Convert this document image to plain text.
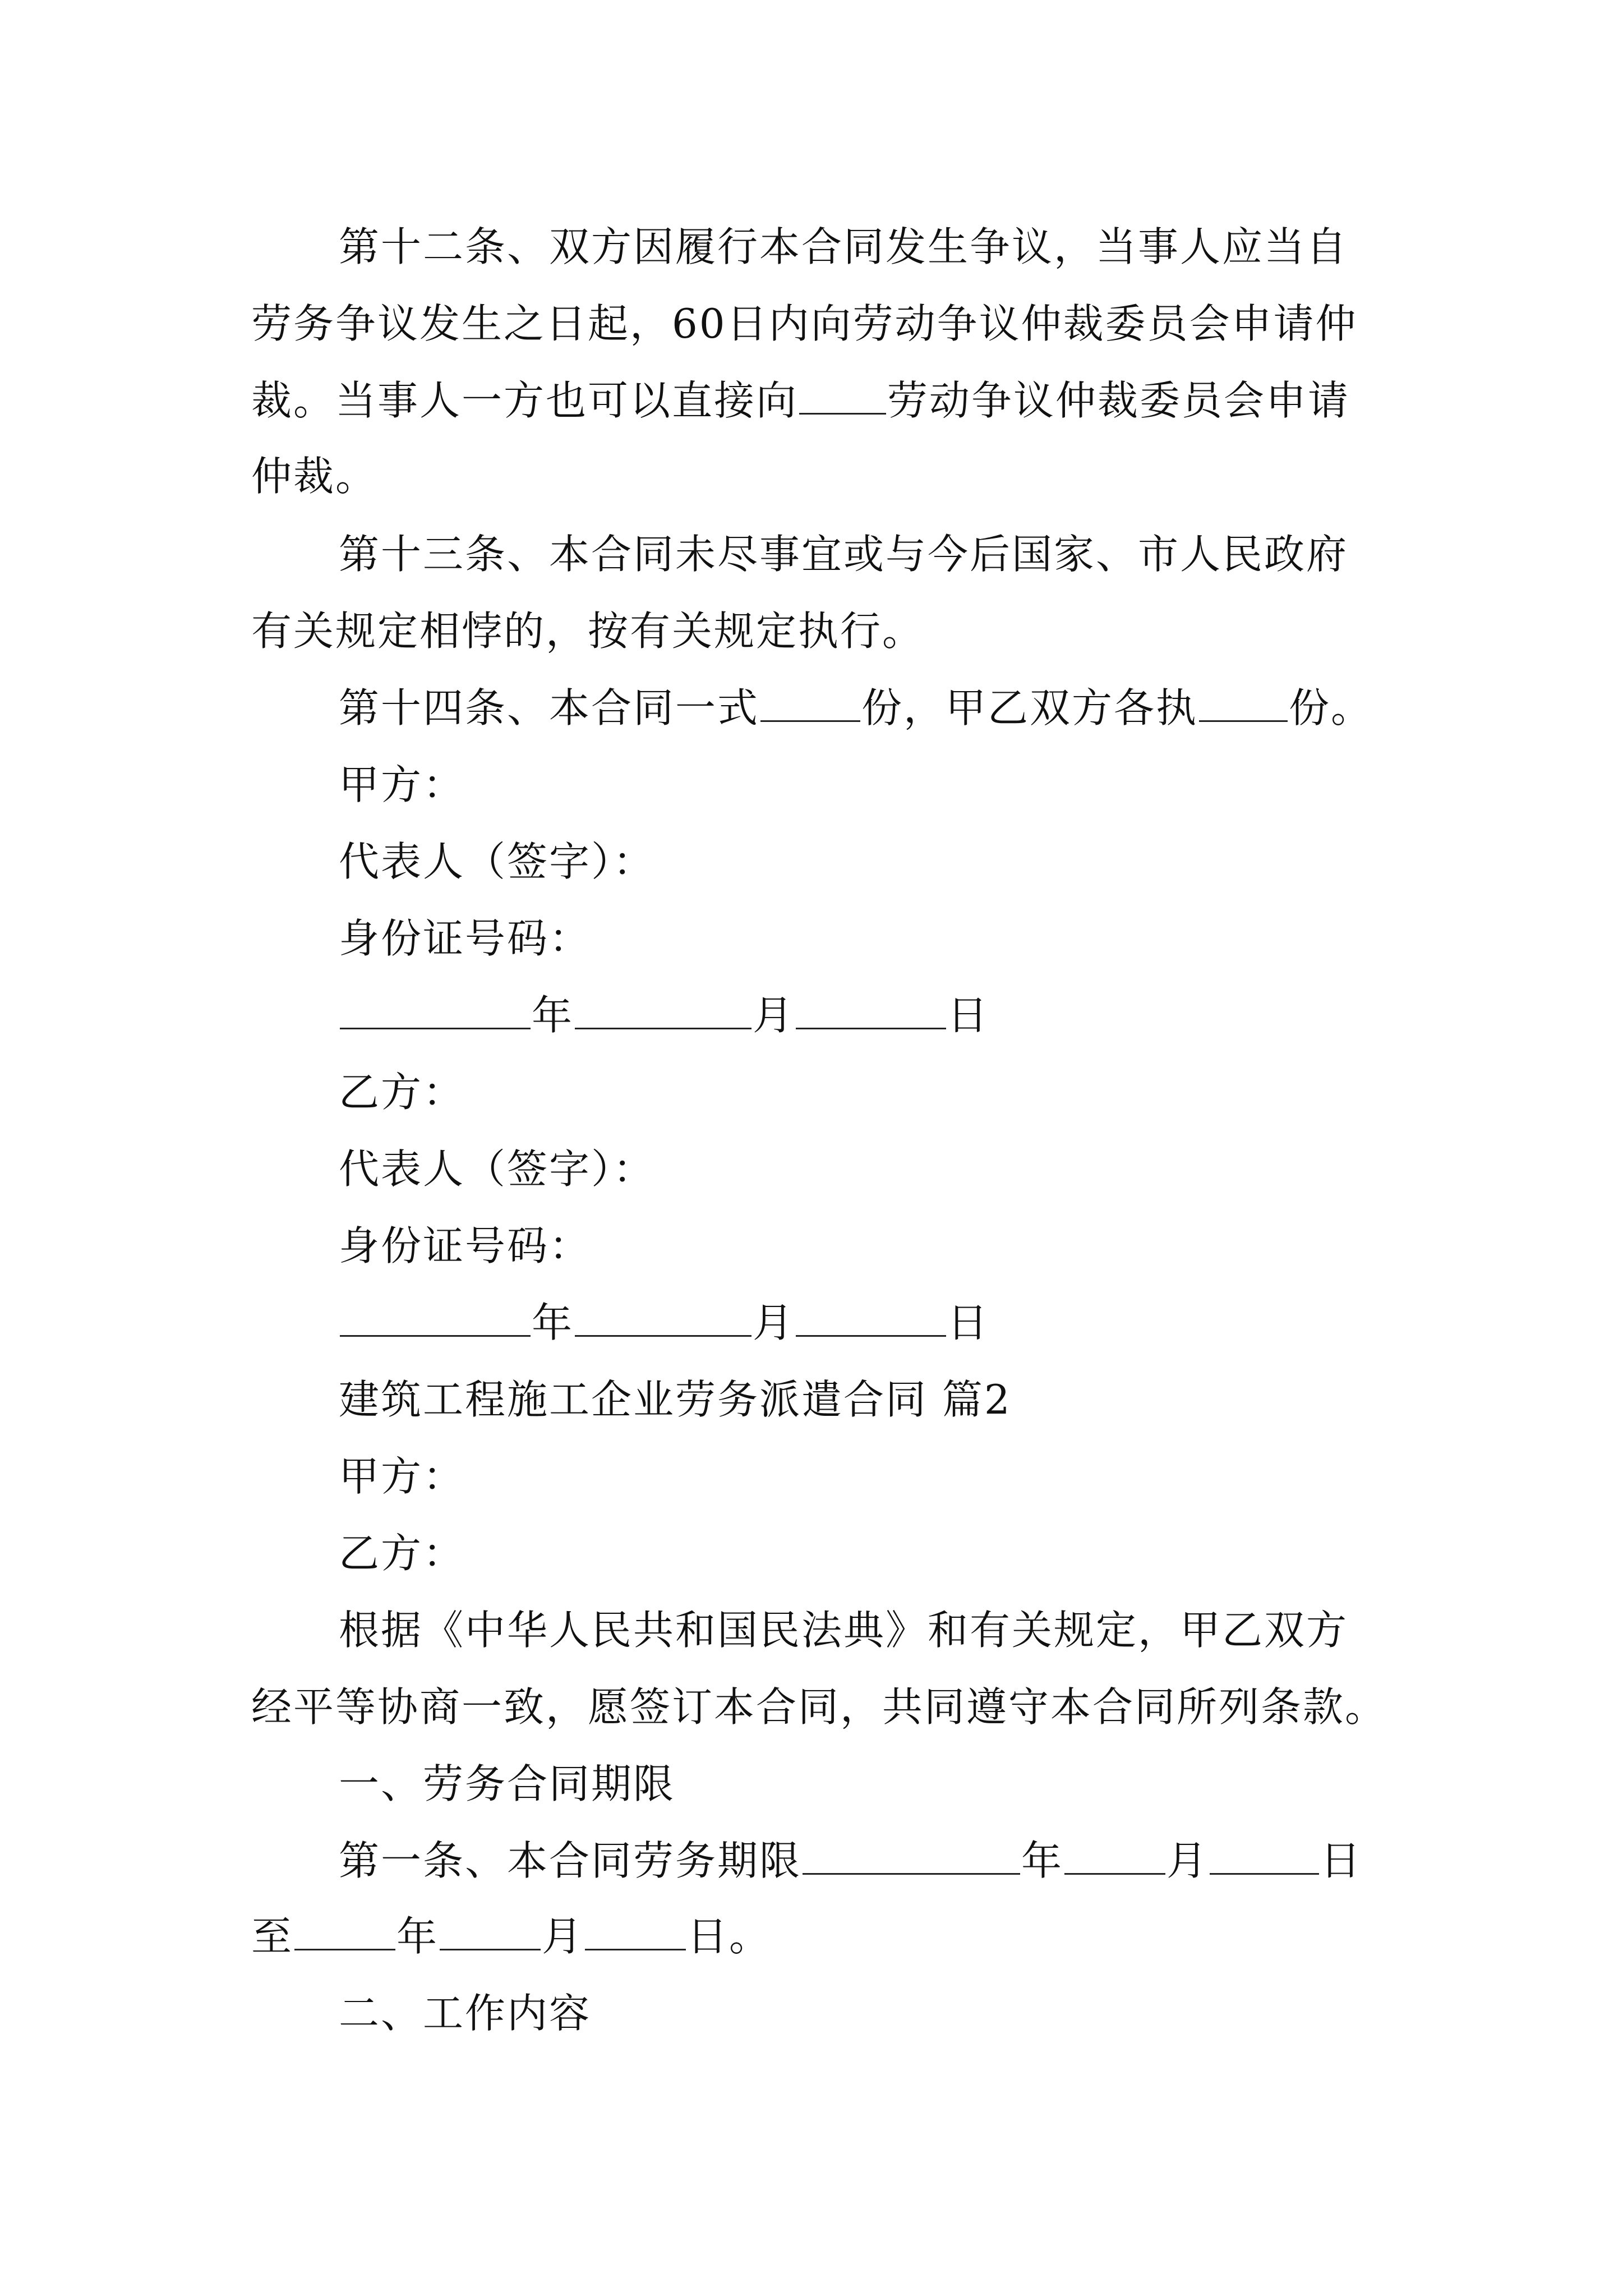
第十二条、双方因履行本合同发生争议，当事人应当自
劳务争议发生之日起，60日内向劳动争议仲裁委员会申请仲
裁。当事人一方也可以直接向 劳动争议仲裁委员会申请
仲裁。
第十三条、本合同未尽事宜或与今后国家、市人民政府
有关规定相悖的，按有关规定执行。
第十四条、本合同一式	份，甲乙双方各执 份。
甲方：
代表人（签字）：
身份证号码：
年	月	日
乙方：
代表人（签字）：
身份证号码：
年	月	日
建筑工程施工企业劳务派遣合同 篇2
甲方：
乙方：
根据《中华人民共和国民法典》和有关规定，甲乙双方
经平等协商一致，愿签订本合同，共同遵守本合同所列条款。
一、劳务合同期限
第一条、本合同劳务期限	年	月	日
至	年	月	日。
二、工作内容
